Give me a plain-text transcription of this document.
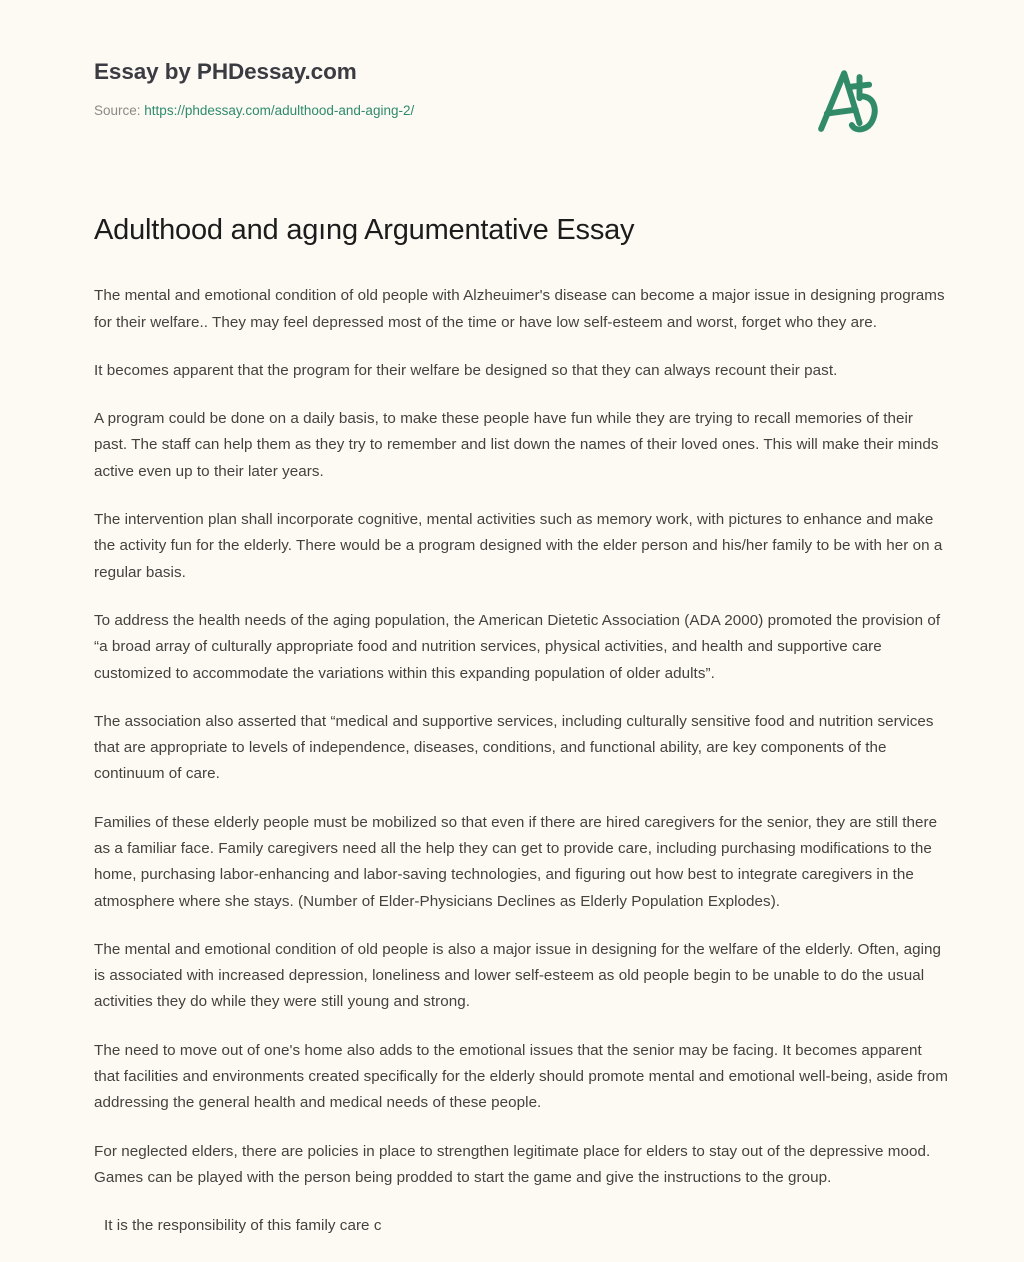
Essay by PHDessay.com
Source: https://phdessay.com/adulthood-and-aging-2/
Adulthood and agıng Argumentative Essay

The mental and emotional condition of old people with Alzheuimer's disease can become a major issue in designing programs for their welfare.. They may feel depressed most of the time or have low self-esteem and worst, forget who they are.

It becomes apparent that the program for their welfare be designed so that they can always recount their past.

A program could be done on a daily basis, to make these people have fun while they are trying to recall memories of their past. The staff can help them as they try to remember and list down the names of their loved ones. This will make their minds active even up to their later years.

The intervention plan shall incorporate cognitive, mental activities such as memory work, with pictures to enhance and make the activity fun for the elderly. There would be a program designed with the elder person and his/her family to be with her on a regular basis.

To address the health needs of the aging population, the American Dietetic Association (ADA 2000) promoted the provision of “a broad array of culturally appropriate food and nutrition services, physical activities, and health and supportive care customized to accommodate the variations within this expanding population of older adults”.

The association also asserted that “medical and supportive services, including culturally sensitive food and nutrition services that are appropriate to levels of independence, diseases, conditions, and functional ability, are key components of the continuum of care.

Families of these elderly people must be mobilized so that even if there are hired caregivers for the senior, they are still there as a familiar face. Family caregivers need all the help they can get to provide care, including purchasing modifications to the home, purchasing labor-enhancing and labor-saving technologies, and figuring out how best to integrate caregivers in the atmosphere where she stays. (Number of Elder-Physicians Declines as Elderly Population Explodes).

The mental and emotional condition of old people is also a major issue in designing for the welfare of the elderly. Often, aging is associated with increased depression, loneliness and lower self-esteem as old people begin to be unable to do the usual activities they do while they were still young and strong.

The need to move out of one's home also adds to the emotional issues that the senior may be facing. It becomes apparent that facilities and environments created specifically for the elderly should promote mental and emotional well-being, aside from addressing the general health and medical needs of these people.

For neglected elders, there are policies in place to strengthen legitimate place for elders to stay out of the depressive mood. Games can be played with the person being prodded to start the game and give the instructions to the group.

It is the responsibility of this family care c
